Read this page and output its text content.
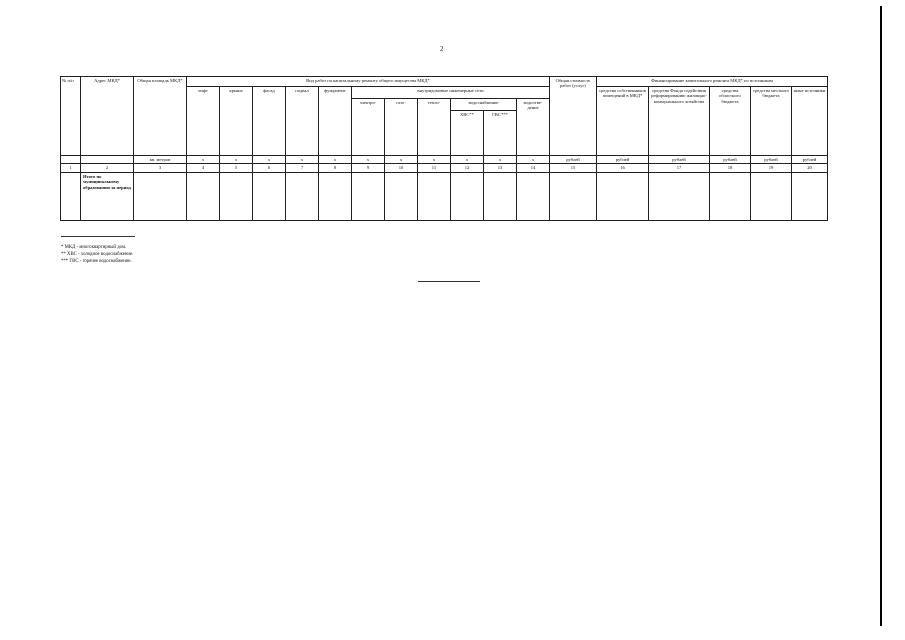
2
№ п/п	Адрес МКД*	Общая площадь МКД*	Вид работ по капитальному ремонту общего имущества МКД*											Общая стоимость работ (услуг)	Финансирование капитального ремонта МКД* по источникам				
			лифт	крыша	фасад	подвал	фундамент	внутридомовые инженерные сети							средства собственников помещений в МКД*	средства Фонда содействия реформированию жилищно-коммунального хозяйства	средства областного бюджета	средства местного бюджета	иные источники
								электро-	газо-	тепло-	водоснабжение		водоотве-дение						
											ХВС**	ГВС***							
		кв. метров	х	х	х	х	х	х	х	х	х	х	х	рублей	рублей	рублей	рублей	рублей	рублей
1	2	3	4	5	6	7	8	9	10	11	12	13	14	15	16	17	18	19	20
	Итого по муниципальному образованию за период																		
* МКД - многоквартирный дом.
** ХВС - холодное водоснабжение.
*** ГВС - горячее водоснабжение.
